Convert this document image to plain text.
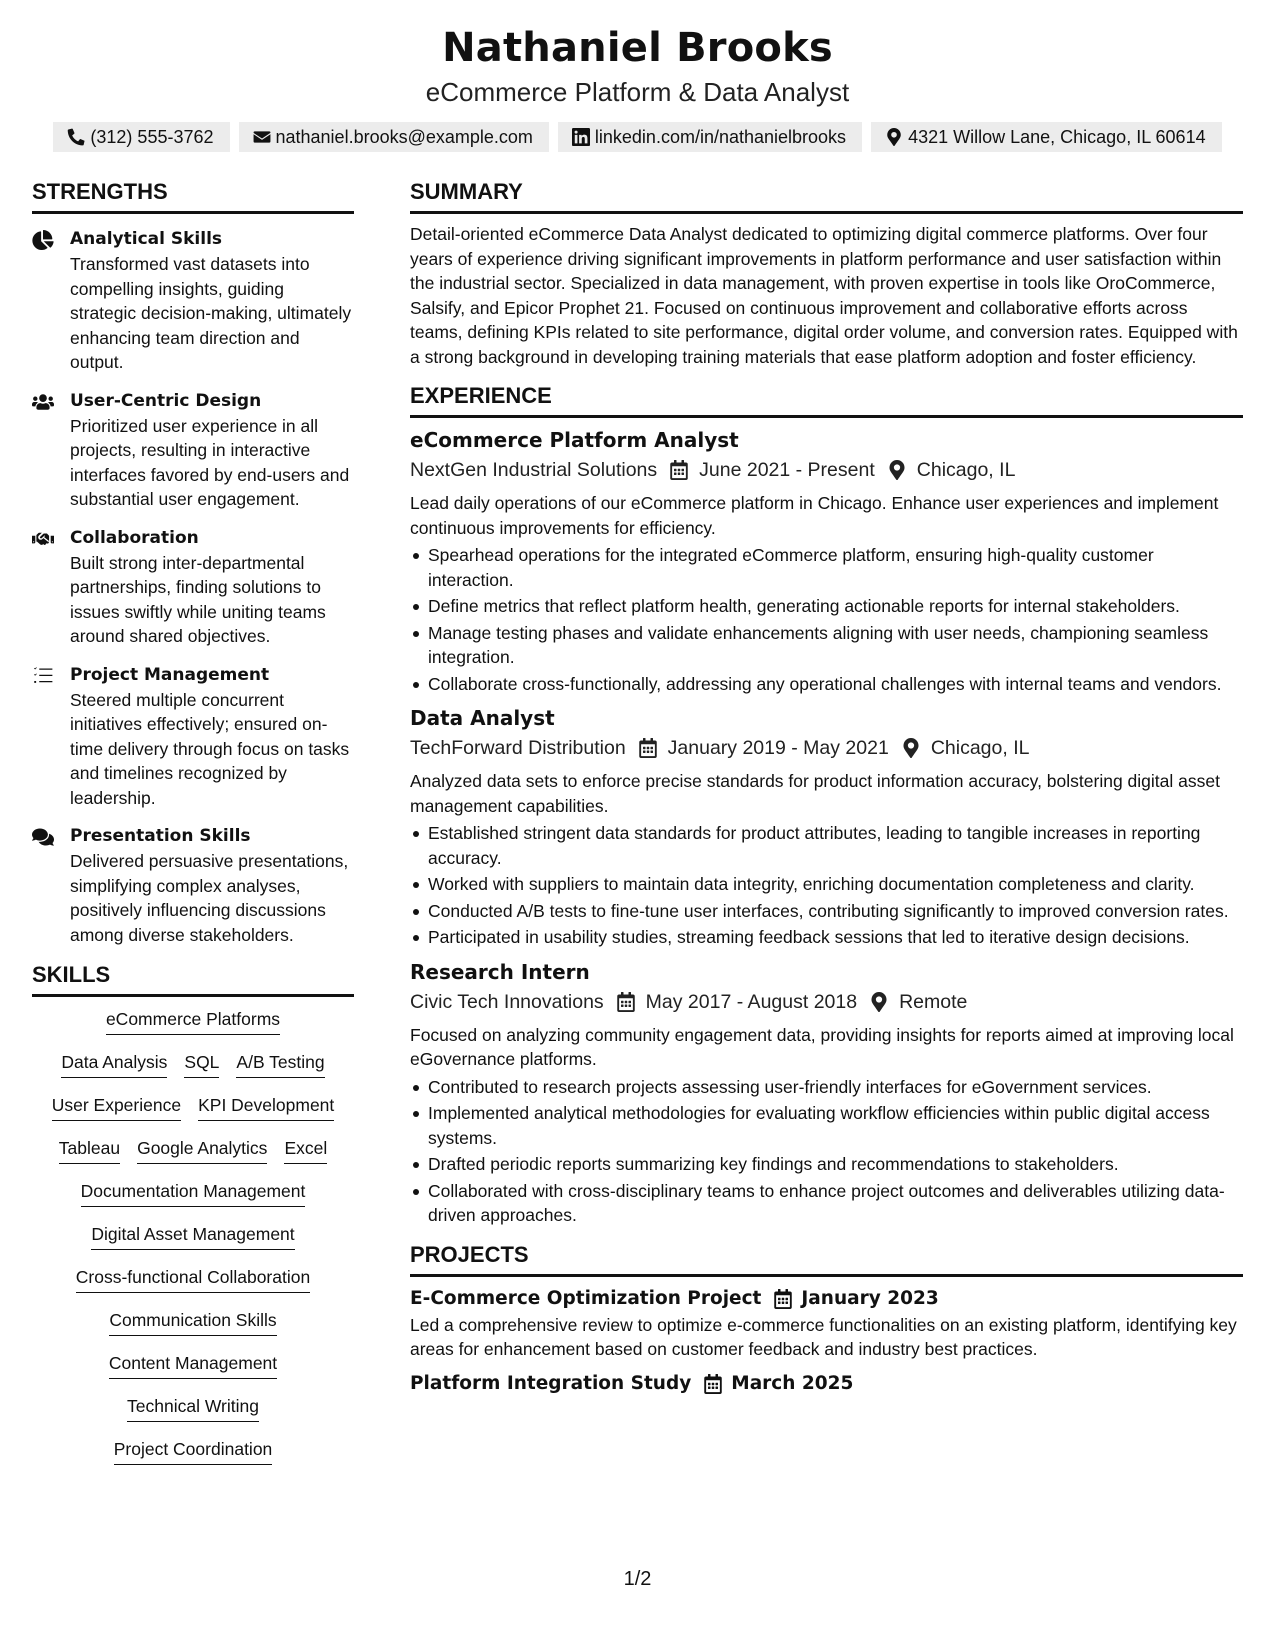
Nathaniel Brooks
eCommerce Platform & Data Analyst
(312) 555-3762	nathaniel.brooks@example.com	linkedin.com/in/nathanielbrooks	4321 Willow Lane, Chicago, IL 60614
STRENGTHS
Analytical Skills
Transformed vast datasets into compelling insights, guiding strategic decision-making, ultimately enhancing team direction and output.
User-Centric Design
Prioritized user experience in all projects, resulting in interactive interfaces favored by end-users and substantial user engagement.
Collaboration
Built strong inter-departmental partnerships, finding solutions to issues swiftly while uniting teams around shared objectives.
Project Management
Steered multiple concurrent initiatives effectively; ensured on-time delivery through focus on tasks and timelines recognized by leadership.
Presentation Skills
Delivered persuasive presentations, simplifying complex analyses, positively influencing discussions among diverse stakeholders.
SKILLS
eCommerce Platforms
Data Analysis SQL A/B Testing
User Experience KPI Development
Tableau Google Analytics Excel
Documentation Management
Digital Asset Management
Cross-functional Collaboration
Communication Skills
Content Management
Technical Writing
Project Coordination
SUMMARY
Detail-oriented eCommerce Data Analyst dedicated to optimizing digital commerce platforms. Over four years of experience driving significant improvements in platform performance and user satisfaction within the industrial sector. Specialized in data management, with proven expertise in tools like OroCommerce, Salsify, and Epicor Prophet 21. Focused on continuous improvement and collaborative efforts across teams, defining KPIs related to site performance, digital order volume, and conversion rates. Equipped with a strong background in developing training materials that ease platform adoption and foster efficiency.
EXPERIENCE
eCommerce Platform Analyst
NextGen Industrial Solutions June 2021 - Present Chicago, IL
Lead daily operations of our eCommerce platform in Chicago. Enhance user experiences and implement continuous improvements for efficiency.
Spearhead operations for the integrated eCommerce platform, ensuring high-quality customer interaction.
Define metrics that reflect platform health, generating actionable reports for internal stakeholders.
Manage testing phases and validate enhancements aligning with user needs, championing seamless integration.
Collaborate cross-functionally, addressing any operational challenges with internal teams and vendors.
Data Analyst
TechForward Distribution January 2019 - May 2021 Chicago, IL
Analyzed data sets to enforce precise standards for product information accuracy, bolstering digital asset management capabilities.
Established stringent data standards for product attributes, leading to tangible increases in reporting accuracy.
Worked with suppliers to maintain data integrity, enriching documentation completeness and clarity.
Conducted A/B tests to fine-tune user interfaces, contributing significantly to improved conversion rates.
Participated in usability studies, streaming feedback sessions that led to iterative design decisions.
Research Intern
Civic Tech Innovations May 2017 - August 2018 Remote
Focused on analyzing community engagement data, providing insights for reports aimed at improving local eGovernance platforms.
Contributed to research projects assessing user-friendly interfaces for eGovernment services.
Implemented analytical methodologies for evaluating workflow efficiencies within public digital access systems.
Drafted periodic reports summarizing key findings and recommendations to stakeholders.
Collaborated with cross-disciplinary teams to enhance project outcomes and deliverables utilizing data-driven approaches.
PROJECTS
E-Commerce Optimization Project January 2023
Led a comprehensive review to optimize e-commerce functionalities on an existing platform, identifying key areas for enhancement based on customer feedback and industry best practices.
Platform Integration Study March 2025
1/2
